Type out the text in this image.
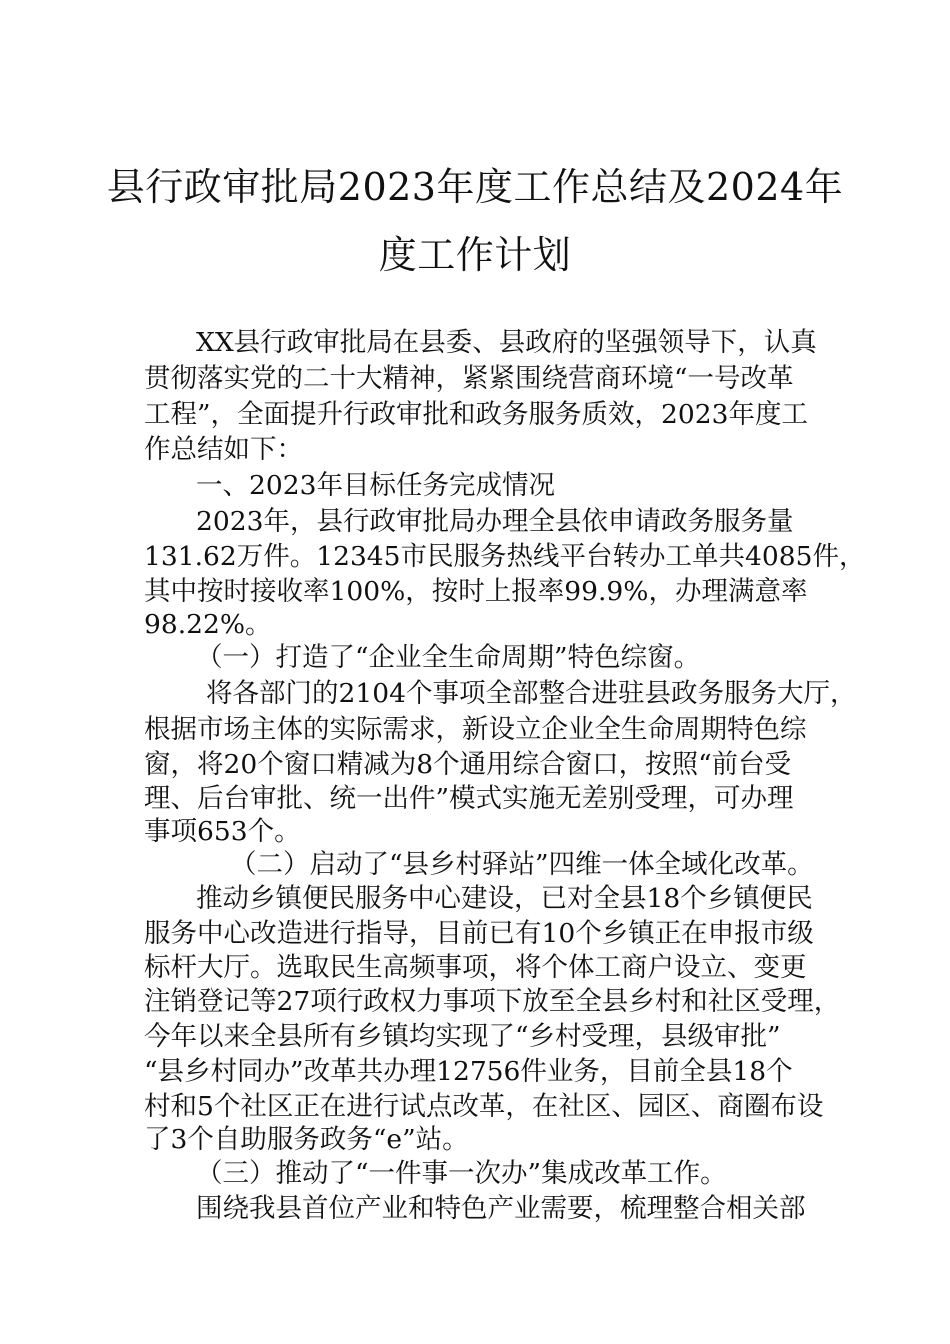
县行政审批局2023年度工作总结及2024年
度工作计划
XX县行政审批局在县委、县政府的坚强领导下，认真
贯彻落实党的二十大精神，紧紧围绕营商环境“一号改革
工程”，全面提升行政审批和政务服务质效，2023年度工
作总结如下：
一、2023年目标任务完成情况
2023年，县行政审批局办理全县依申请政务服务量
131.62万件。12345市民服务热线平台转办工单共4085件，
其中按时接收率100%，按时上报率99.9%，办理满意率
98.22%。
（一）打造了“企业全生命周期”特色综窗。
将各部门的2104个事项全部整合进驻县政务服务大厅，
根据市场主体的实际需求，新设立企业全生命周期特色综
窗，将20个窗口精减为8个通用综合窗口，按照“前台受
理、后台审批、统一出件”模式实施无差别受理，可办理
事项653个。
（二）启动了“县乡村驿站”四维一体全域化改革。
推动乡镇便民服务中心建设，已对全县18个乡镇便民
服务中心改造进行指导，目前已有10个乡镇正在申报市级
标杆大厅。选取民生高频事项，将个体工商户设立、变更
注销登记等27项行政权力事项下放至全县乡村和社区受理，
今年以来全县所有乡镇均实现了“乡村受理，县级审批”
“县乡村同办”改革共办理12756件业务，目前全县18个
村和5个社区正在进行试点改革，在社区、园区、商圈布设
了3个自助服务政务“e”站。
（三）推动了“一件事一次办”集成改革工作。
围绕我县首位产业和特色产业需要，梳理整合相关部
